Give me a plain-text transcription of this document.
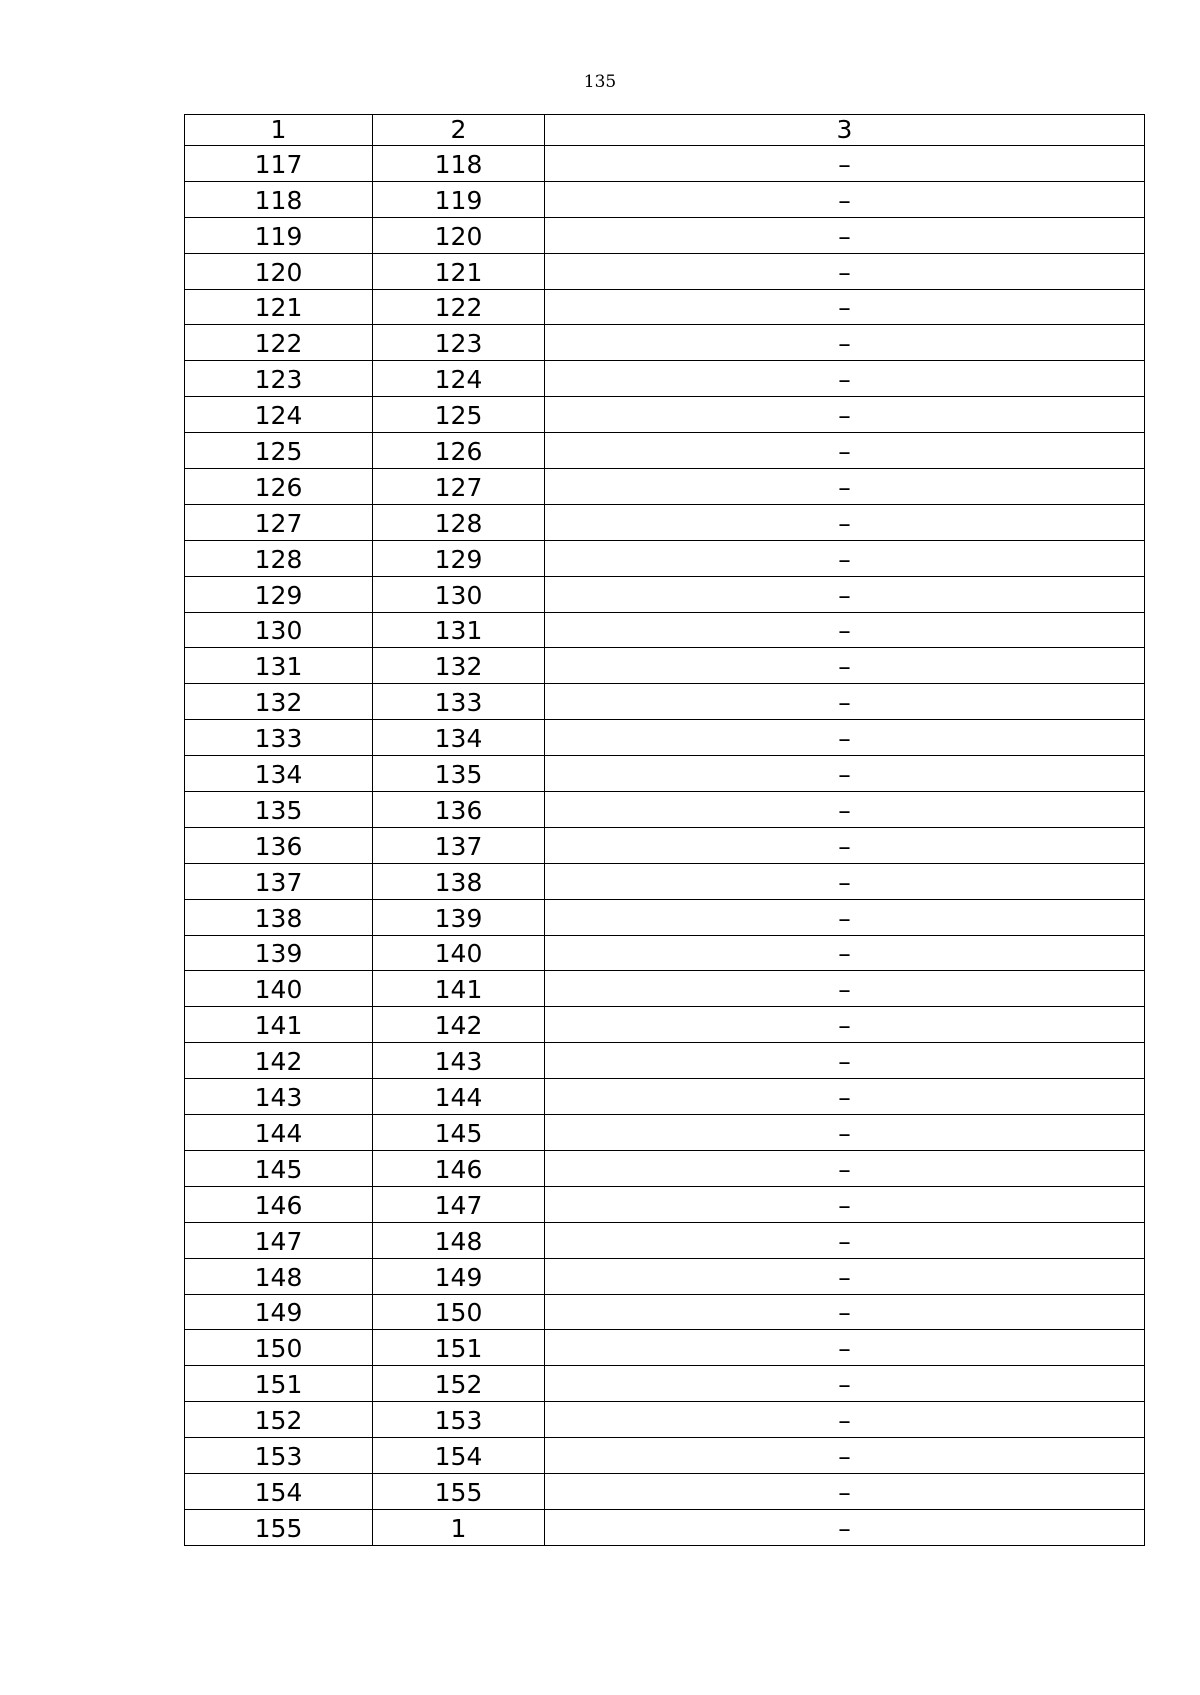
135
1	2	3
117	118	–
118	119	–
119	120	–
120	121	–
121	122	–
122	123	–
123	124	–
124	125	–
125	126	–
126	127	–
127	128	–
128	129	–
129	130	–
130	131	–
131	132	–
132	133	–
133	134	–
134	135	–
135	136	–
136	137	–
137	138	–
138	139	–
139	140	–
140	141	–
141	142	–
142	143	–
143	144	–
144	145	–
145	146	–
146	147	–
147	148	–
148	149	–
149	150	–
150	151	–
151	152	–
152	153	–
153	154	–
154	155	–
155	1	–
